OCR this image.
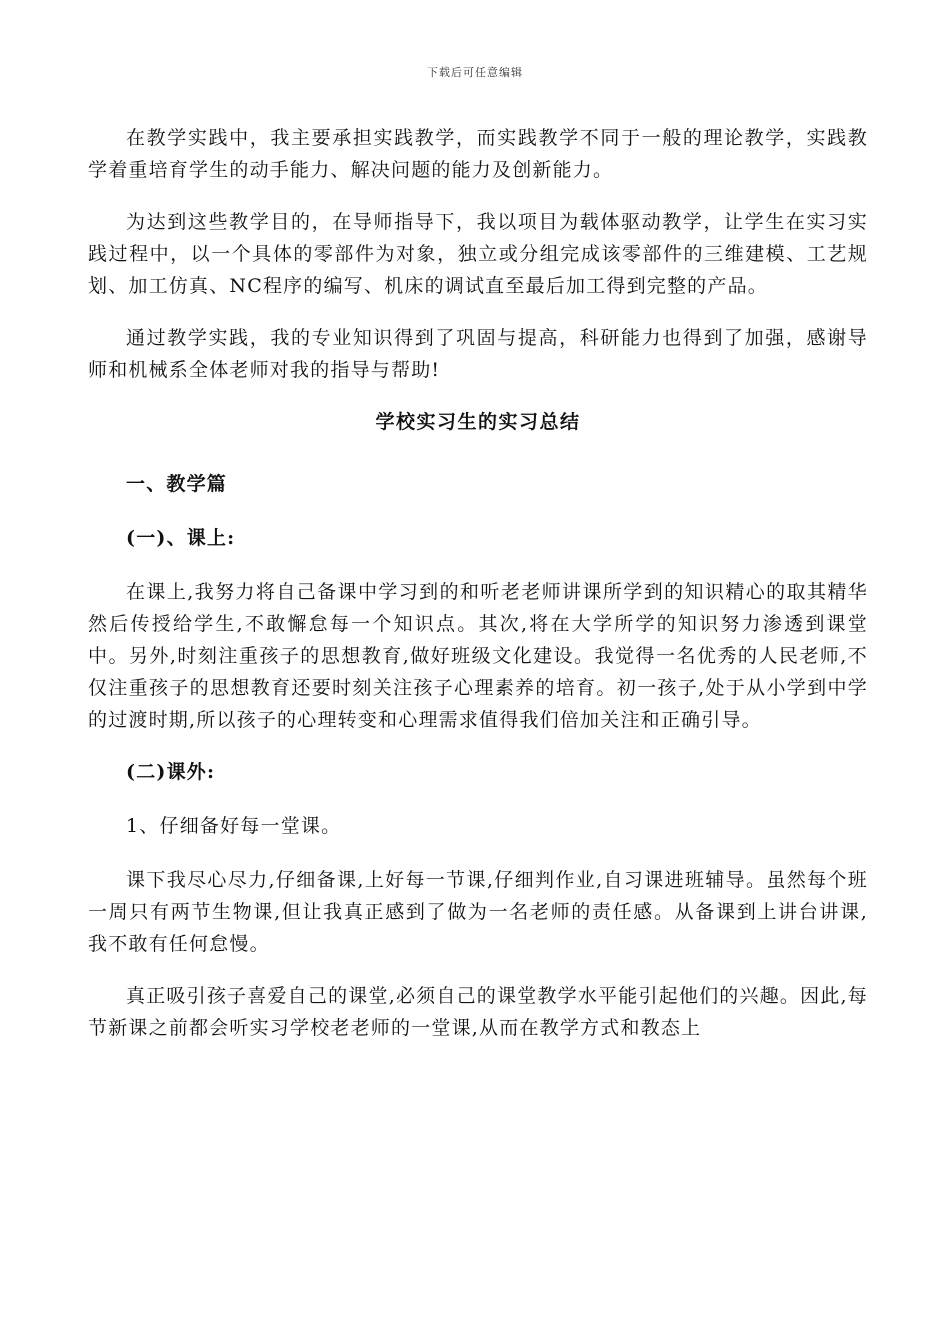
下载后可任意编辑

在教学实践中，我主要承担实践教学，而实践教学不同于一般的理论教学，实践教学着重培育学生的动手能力、解决问题的能力及创新能力。

为达到这些教学目的，在导师指导下，我以项目为载体驱动教学，让学生在实习实践过程中，以一个具体的零部件为对象，独立或分组完成该零部件的三维建模、工艺规划、加工仿真、NC程序的编写、机床的调试直至最后加工得到完整的产品。

通过教学实践，我的专业知识得到了巩固与提高，科研能力也得到了加强，感谢导师和机械系全体老师对我的指导与帮助!

学校实习生的实习总结
一、教学篇
(一)、课上:

在课上,我努力将自己备课中学习到的和听老老师讲课所学到的知识精心的取其精华然后传授给学生,不敢懈怠每一个知识点。其次,将在大学所学的知识努力渗透到课堂中。另外,时刻注重孩子的思想教育,做好班级文化建设。我觉得一名优秀的人民老师,不仅注重孩子的思想教育还要时刻关注孩子心理素养的培育。初一孩子,处于从小学到中学的过渡时期,所以孩子的心理转变和心理需求值得我们倍加关注和正确引导。

(二)课外:
1、仔细备好每一堂课。

课下我尽心尽力,仔细备课,上好每一节课,仔细判作业,自习课进班辅导。虽然每个班一周只有两节生物课,但让我真正感到了做为一名老师的责任感。从备课到上讲台讲课,我不敢有任何怠慢。

真正吸引孩子喜爱自己的课堂,必须自己的课堂教学水平能引起他们的兴趣。因此,每节新课之前都会听实习学校老老师的一堂课,从而在教学方式和教态上
